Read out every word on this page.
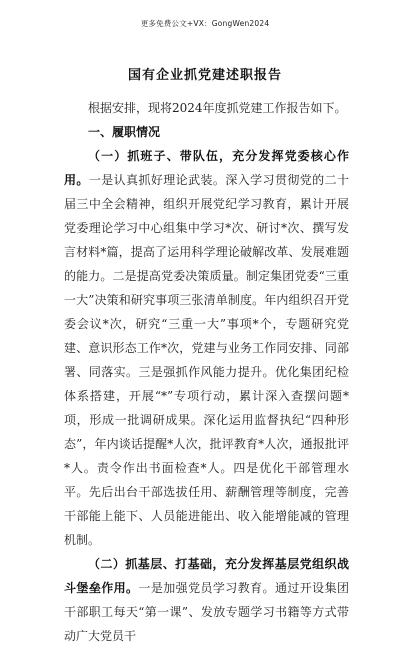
更多免费公文+VX：GongWen2024
国有企业抓党建述职报告

根据安排，现将2024年度抓党建工作报告如下。

一、履职情况

（一）抓班子、带队伍，充分发挥党委核心作用。一是认真抓好理论武装。深入学习贯彻党的二十届三中全会精神，组织开展党纪学习教育，累计开展党委理论学习中心组集中学习*次、研讨*次、撰写发言材料*篇，提高了运用科学理论破解改革、发展难题的能力。二是提高党委决策质量。制定集团党委“三重一大”决策和研究事项三张清单制度。年内组织召开党委会议*次，研究“三重一大”事项*个，专题研究党建、意识形态工作*次，党建与业务工作同安排、同部署、同落实。三是强抓作风能力提升。优化集团纪检体系搭建，开展“*”专项行动，累计深入查摆问题*项，形成一批调研成果。深化运用监督执纪“四种形态”，年内谈话提醒*人次，批评教育*人次，通报批评*人。责令作出书面检查*人。四是优化干部管理水平。先后出台干部选拔任用、薪酬管理等制度，完善干部能上能下、人员能进能出、收入能增能减的管理机制。

（二）抓基层、打基础，充分发挥基层党组织战斗堡垒作用。一是加强党员学习教育。通过开设集团干部职工每天“第一课”、发放专题学习书籍等方式带动广大党员干
